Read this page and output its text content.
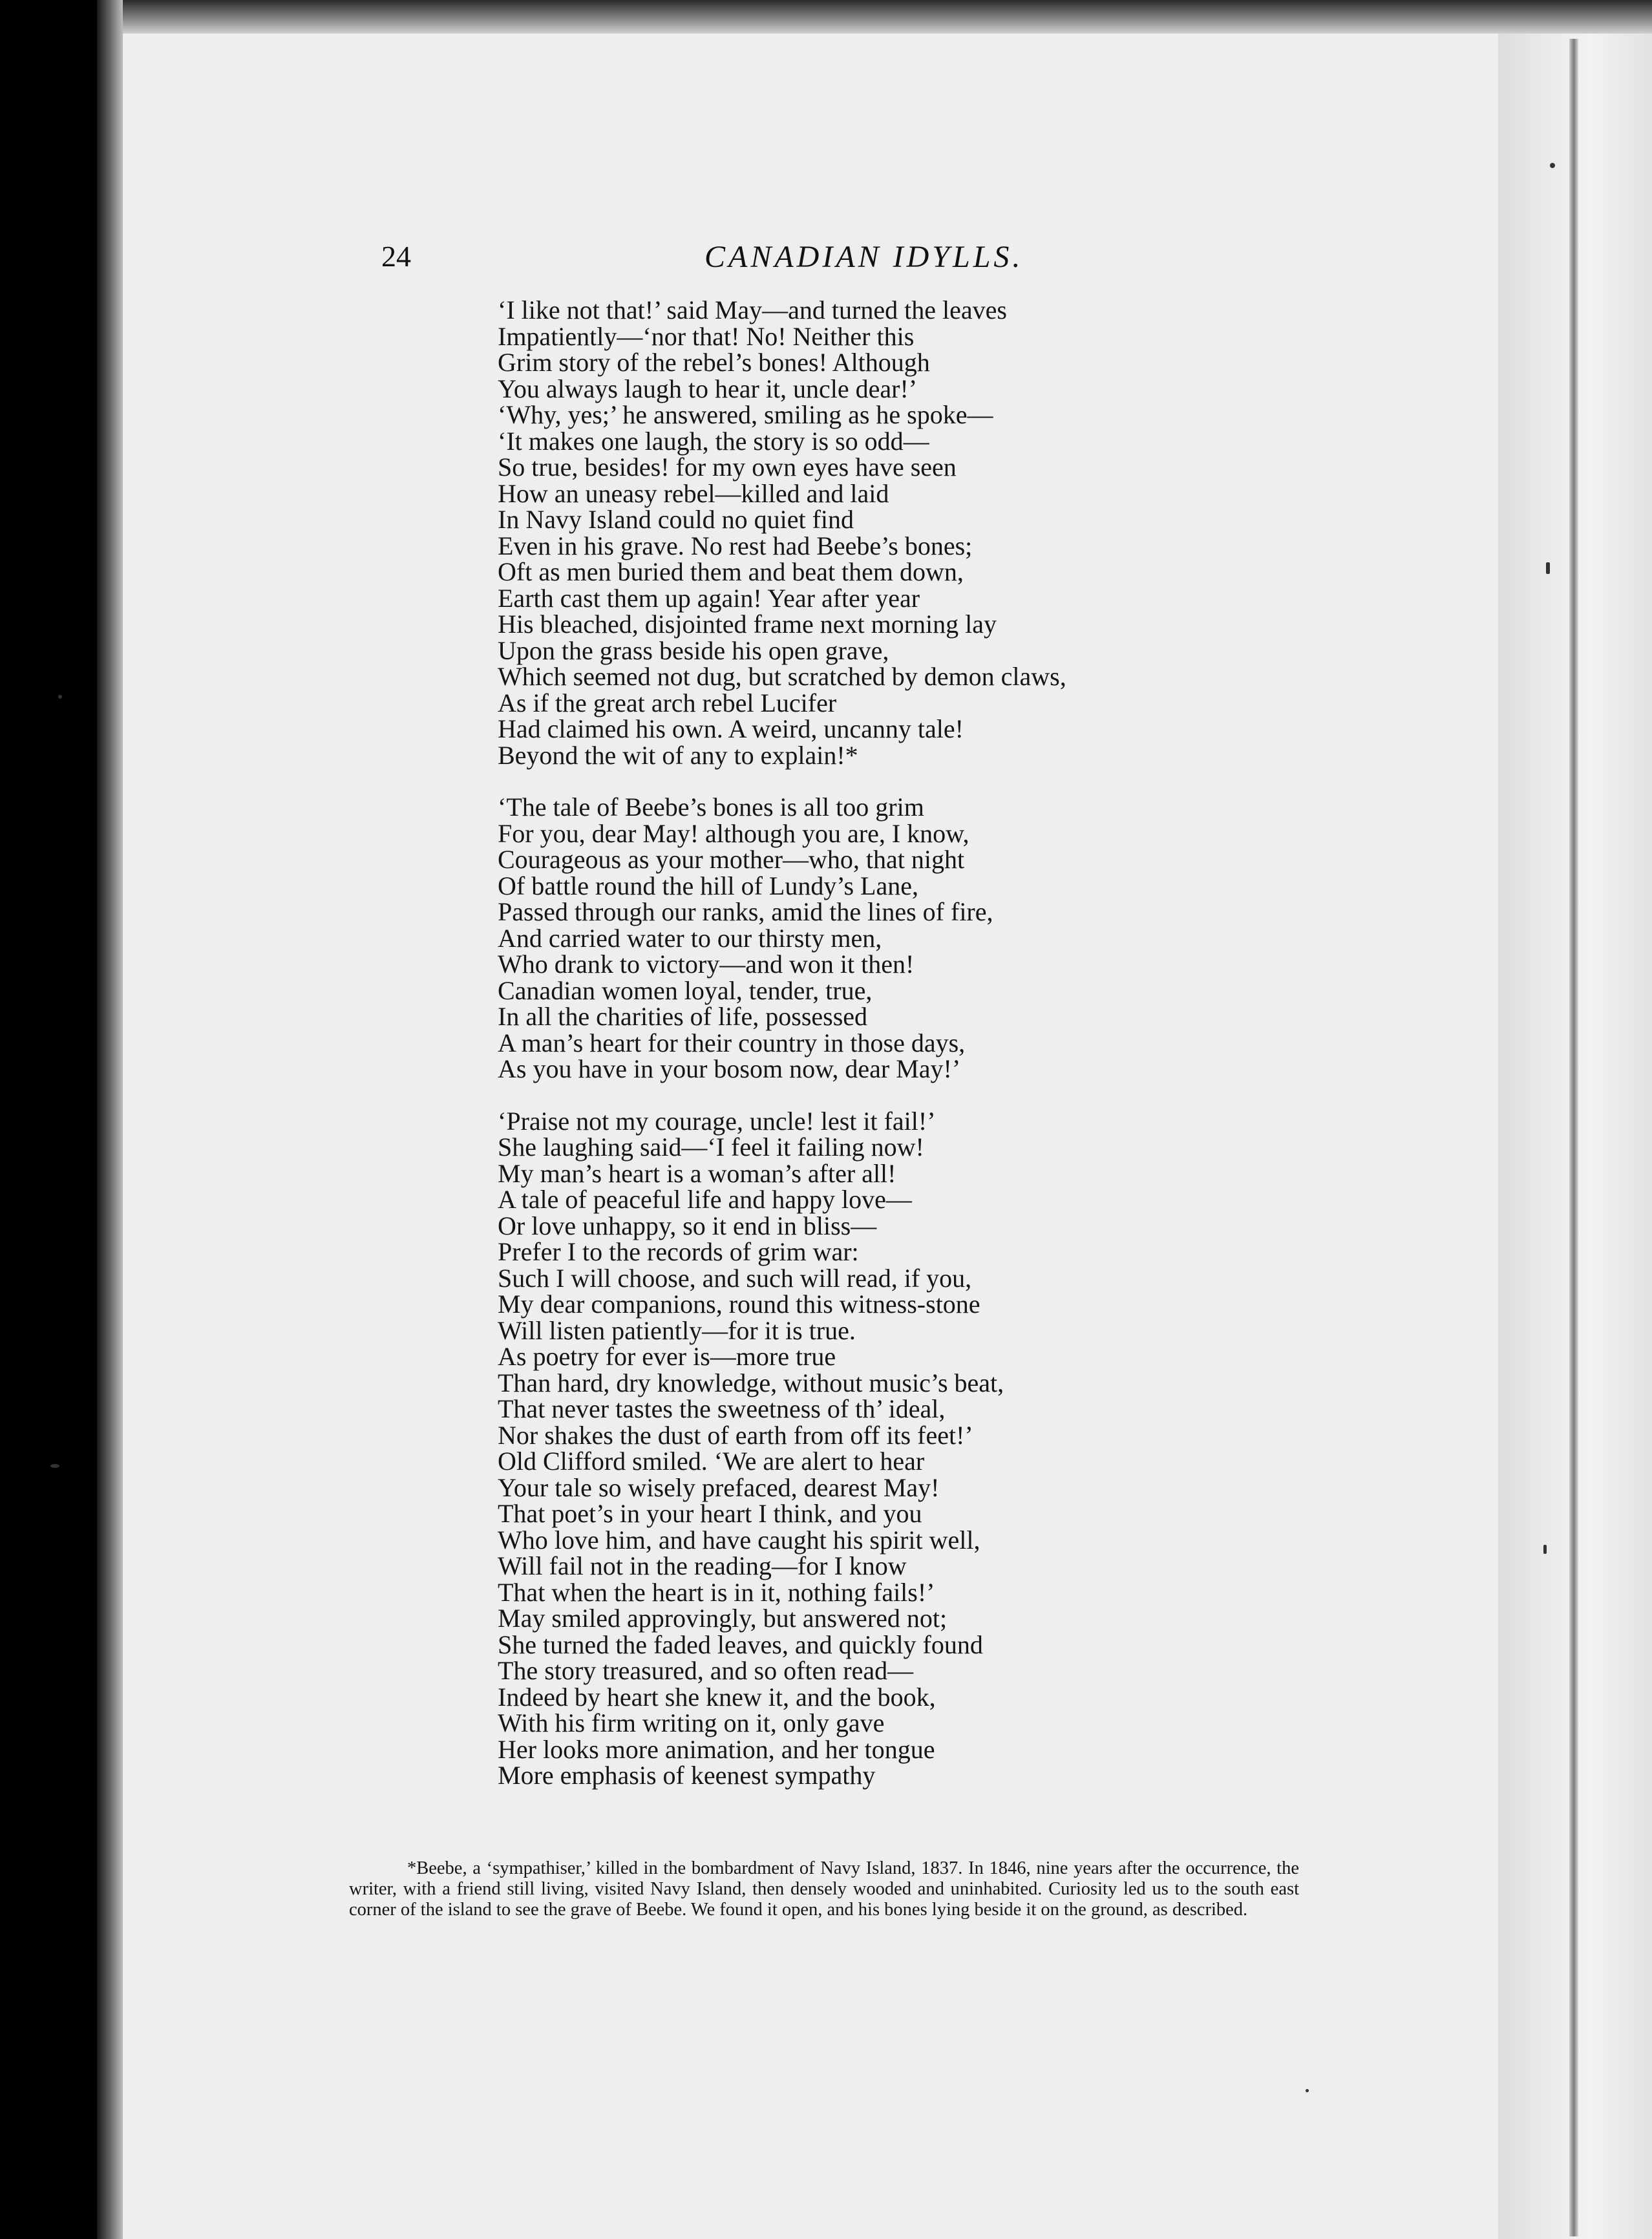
24	CANADIAN IDYLLS.
‘I like not that!’ said May—and turned the leaves
Impatiently—‘nor that! No! Neither this
Grim story of the rebel’s bones! Although
You always laugh to hear it, uncle dear!’
‘Why, yes;’ he answered, smiling as he spoke—
‘It makes one laugh, the story is so odd—
So true, besides! for my own eyes have seen
How an uneasy rebel—killed and laid
In Navy Island could no quiet find
Even in his grave. No rest had Beebe’s bones;
Oft as men buried them and beat them down,
Earth cast them up again! Year after year
His bleached, disjointed frame next morning lay
Upon the grass beside his open grave,
Which seemed not dug, but scratched by demon claws,
As if the great arch rebel Lucifer
Had claimed his own. A weird, uncanny tale!
Beyond the wit of any to explain!*
‘The tale of Beebe’s bones is all too grim
For you, dear May! although you are, I know,
Courageous as your mother—who, that night
Of battle round the hill of Lundy’s Lane,
Passed through our ranks, amid the lines of fire,
And carried water to our thirsty men,
Who drank to victory—and won it then!
Canadian women loyal, tender, true,
In all the charities of life, possessed
A man’s heart for their country in those days,
As you have in your bosom now, dear May!’
‘Praise not my courage, uncle! lest it fail!’
She laughing said—‘I feel it failing now!
My man’s heart is a woman’s after all!
A tale of peaceful life and happy love—
Or love unhappy, so it end in bliss—
Prefer I to the records of grim war:
Such I will choose, and such will read, if you,
My dear companions, round this witness-stone
Will listen patiently—for it is true.
As poetry for ever is—more true
Than hard, dry knowledge, without music’s beat,
That never tastes the sweetness of th’ ideal,
Nor shakes the dust of earth from off its feet!’
Old Clifford smiled. ‘We are alert to hear
Your tale so wisely prefaced, dearest May!
That poet’s in your heart I think, and you
Who love him, and have caught his spirit well,
Will fail not in the reading—for I know
That when the heart is in it, nothing fails!’
May smiled approvingly, but answered not;
She turned the faded leaves, and quickly found
The story treasured, and so often read—
Indeed by heart she knew it, and the book,
With his firm writing on it, only gave
Her looks more animation, and her tongue
More emphasis of keenest sympathy
*Beebe, a ‘sympathiser,’ killed in the bombardment of Navy Island, 1837. In 1846, nine years after the occurrence, the writer, with a friend still living, visited Navy Island, then densely wooded and uninhabited. Curiosity led us to the south east corner of the island to see the grave of Beebe. We found it open, and his bones lying beside it on the ground, as described.
